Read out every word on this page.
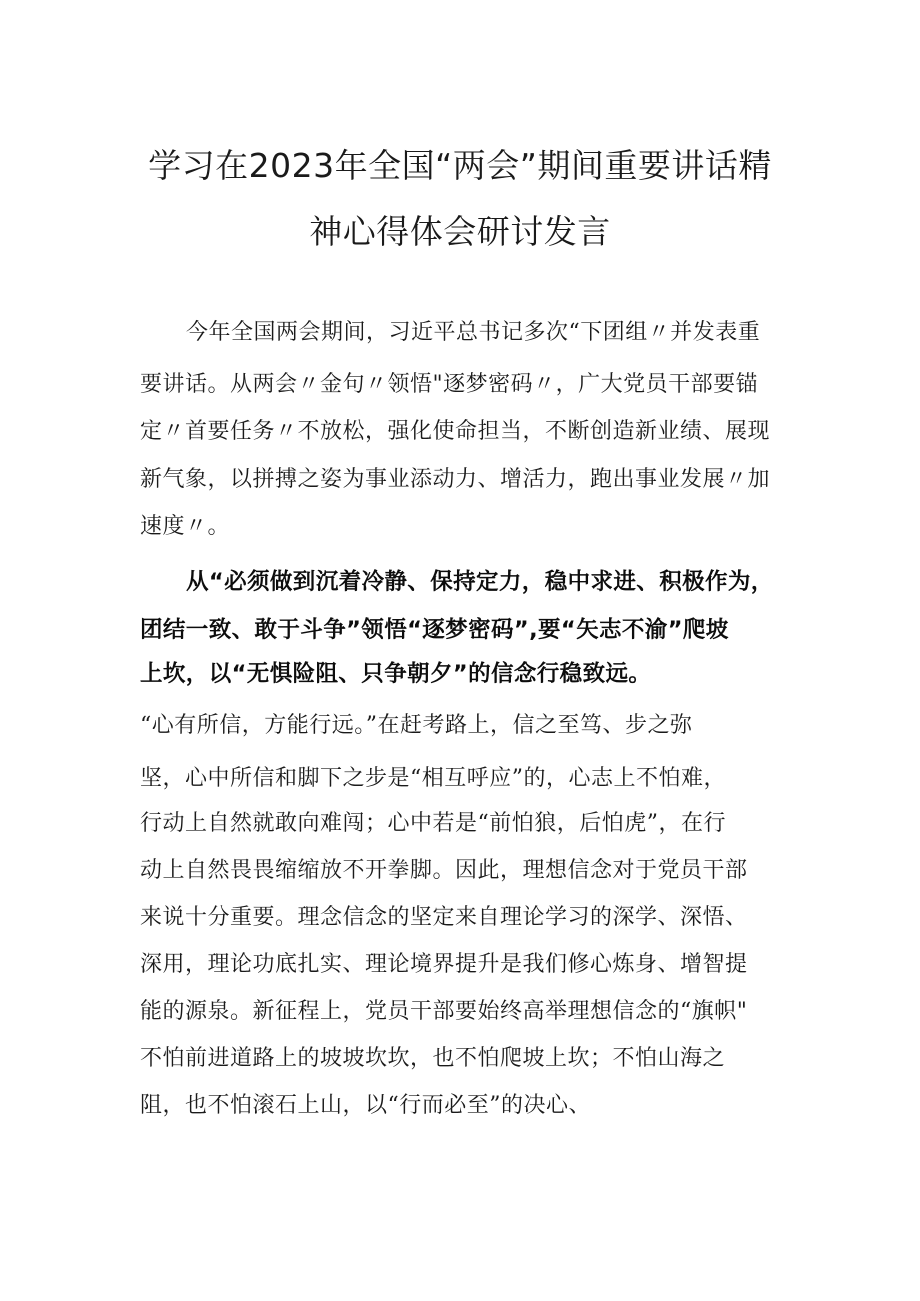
学习在2023年全国“两会”期间重要讲话精
神心得体会研讨发言
今年全国两会期间，习近平总书记多次“下团组〃并发表重
要讲话。从两会〃金句〃领悟"逐梦密码〃，广大党员干部要锚
定〃首要任务〃不放松，强化使命担当，不断创造新业绩、展现
新气象，以拼搏之姿为事业添动力、增活力，跑出事业发展〃加
速度〃。
从“必须做到沉着冷静、保持定力，稳中求进、积极作为，
团结一致、敢于斗争”领悟“逐梦密码”,要“矢志不渝”爬坡
上坎，以“无惧险阻、只争朝夕”的信念行稳致远。
“心有所信，方能行远。”在赶考路上，信之至笃、步之弥
坚，心中所信和脚下之步是“相互呼应”的，心志上不怕难，
行动上自然就敢向难闯；心中若是“前怕狼，后怕虎”，在行
动上自然畏畏缩缩放不开拳脚。因此，理想信念对于党员干部
来说十分重要。理念信念的坚定来自理论学习的深学、深悟、
深用，理论功底扎实、理论境界提升是我们修心炼身、增智提
能的源泉。新征程上，党员干部要始终高举理想信念的“旗帜"
不怕前进道路上的坡坡坎坎，也不怕爬坡上坎；不怕山海之
阻，也不怕滚石上山，以“行而必至”的决心、
